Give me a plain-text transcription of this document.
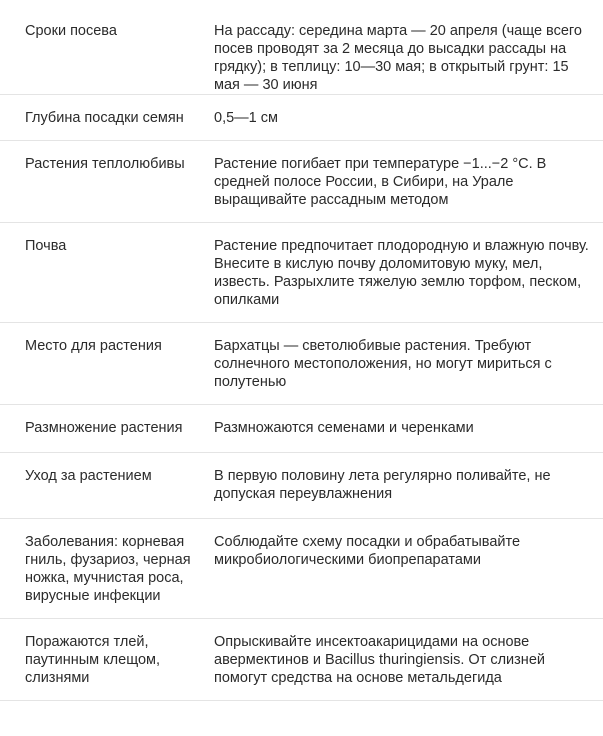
Сроки посева	На рассаду: середина марта — 20 апреля (чаще всего посев проводят за 2 месяца до высадки рассады на грядку); в теплицу: 10—30 мая; в открытый грунт: 15 мая — 30 июня
Глубина посадки семян	0,5—1 см
Растения теплолюбивы	Растение погибает при температуре −1...−2 °С. В средней полосе России, в Сибири, на Урале выращивайте рассадным методом
Почва	Растение предпочитает плодородную и влажную почву. Внесите в кислую почву доломитовую муку, мел, известь. Разрыхлите тяжелую землю торфом, песком, опилками
Место для растения	Бархатцы — светолюбивые растения. Требуют солнечного местоположения, но могут мириться с полутенью
Размножение растения	Размножаются семенами и черенками
Уход за растением	В первую половину лета регулярно поливайте, не допуская переувлажнения
Заболевания: корневая гниль, фузариоз, черная ножка, мучнистая роса, вирусные инфекции	Соблюдайте схему посадки и обрабатывайте микробиологическими биопрепаратами
Поражаются тлей, паутинным клещом, слизнями	Опрыскивайте инсектоакарицидами на основе авермектинов и Bacillus thuringiensis. От слизней помогут средства на основе метальдегида
